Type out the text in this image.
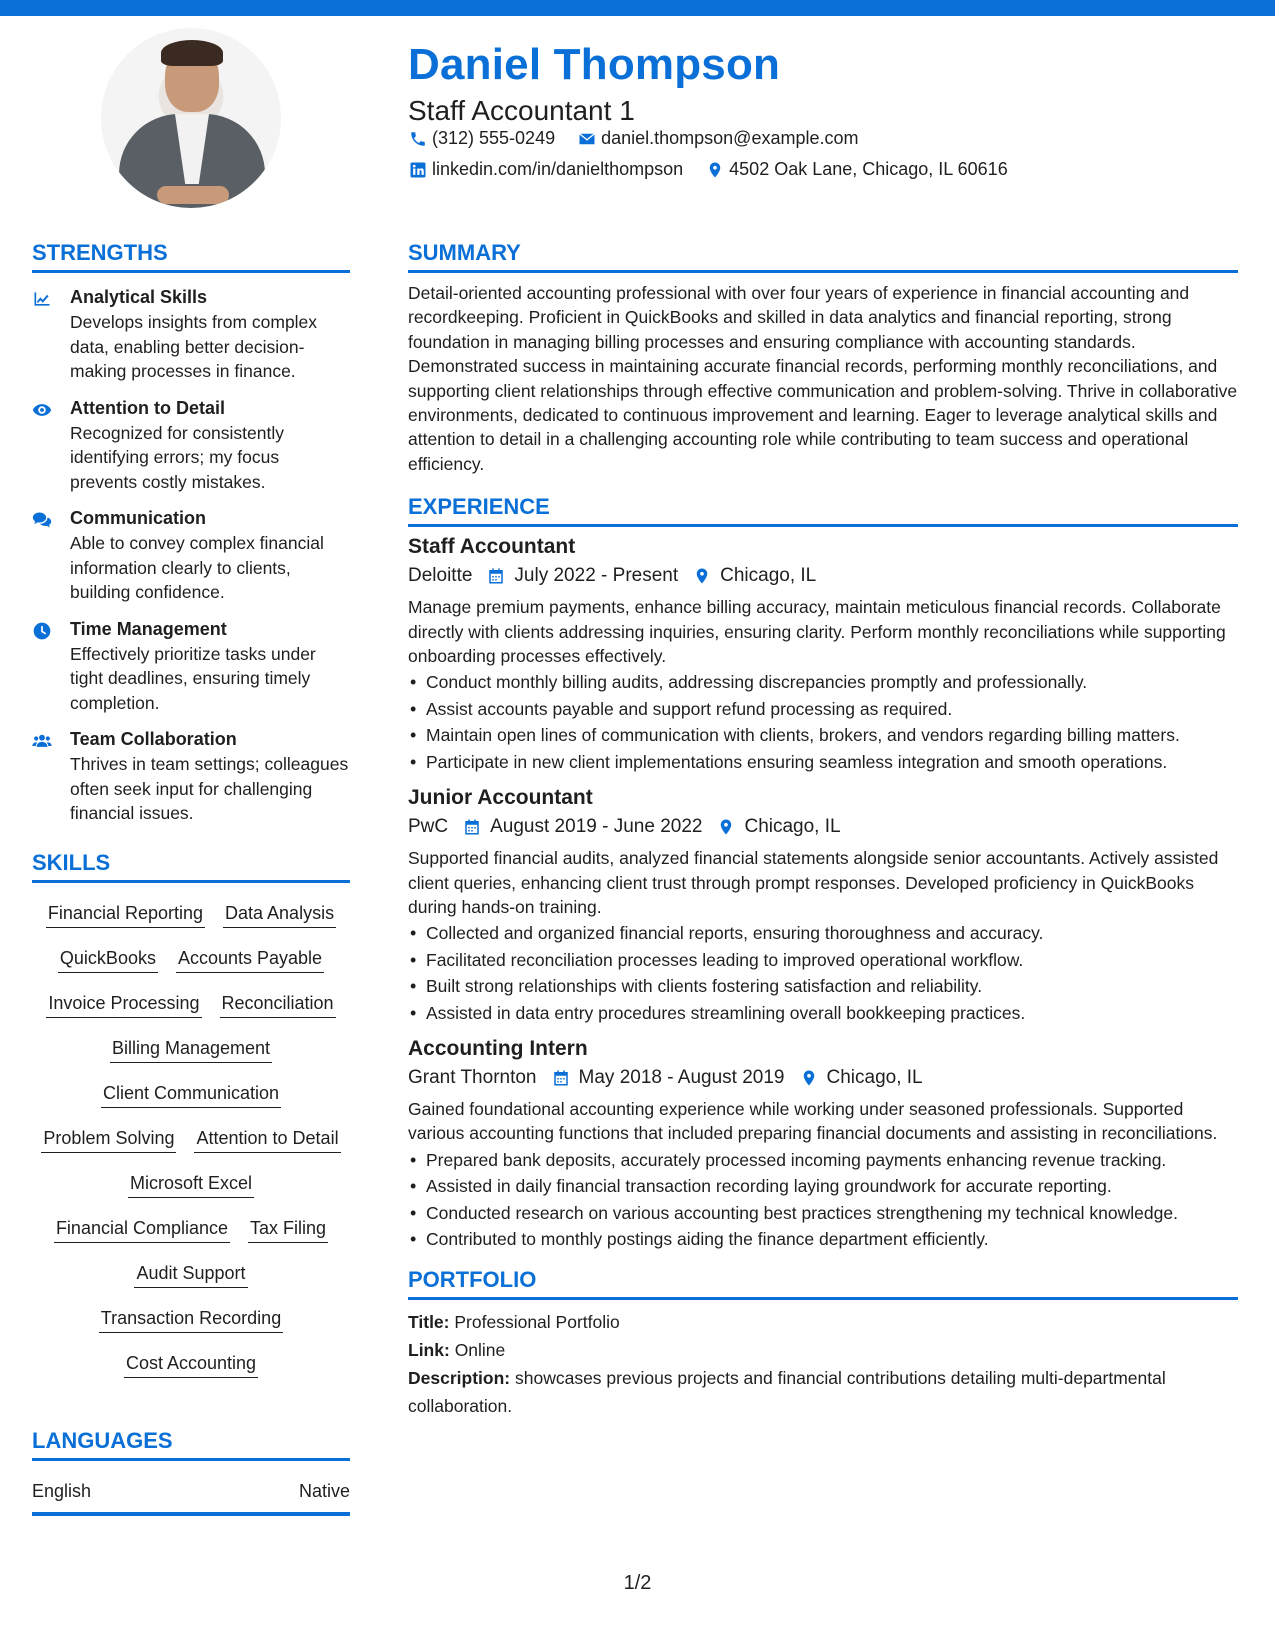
Daniel Thompson
Staff Accountant 1
(312) 555-0249	daniel.thompson@example.com
linkedin.com/in/danielthompson	4502 Oak Lane, Chicago, IL 60616
STRENGTHS
Analytical Skills
Develops insights from complex data, enabling better decision-making processes in finance.
Attention to Detail
Recognized for consistently identifying errors; my focus prevents costly mistakes.
Communication
Able to convey complex financial information clearly to clients, building confidence.
Time Management
Effectively prioritize tasks under tight deadlines, ensuring timely completion.
Team Collaboration
Thrives in team settings; colleagues often seek input for challenging financial issues.
SKILLS
Financial Reporting Data Analysis
QuickBooks Accounts Payable
Invoice Processing Reconciliation
Billing Management
Client Communication
Problem Solving Attention to Detail
Microsoft Excel
Financial Compliance Tax Filing
Audit Support
Transaction Recording
Cost Accounting
LANGUAGES
English	Native
SUMMARY
Detail-oriented accounting professional with over four years of experience in financial accounting and recordkeeping. Proficient in QuickBooks and skilled in data analytics and financial reporting, strong foundation in managing billing processes and ensuring compliance with accounting standards. Demonstrated success in maintaining accurate financial records, performing monthly reconciliations, and supporting client relationships through effective communication and problem-solving. Thrive in collaborative environments, dedicated to continuous improvement and learning. Eager to leverage analytical skills and attention to detail in a challenging accounting role while contributing to team success and operational efficiency.
EXPERIENCE
Staff Accountant
Deloitte July 2022 - Present Chicago, IL
Manage premium payments, enhance billing accuracy, maintain meticulous financial records. Collaborate directly with clients addressing inquiries, ensuring clarity. Perform monthly reconciliations while supporting onboarding processes effectively.
• Conduct monthly billing audits, addressing discrepancies promptly and professionally.
• Assist accounts payable and support refund processing as required.
• Maintain open lines of communication with clients, brokers, and vendors regarding billing matters.
• Participate in new client implementations ensuring seamless integration and smooth operations.
Junior Accountant
PwC August 2019 - June 2022 Chicago, IL
Supported financial audits, analyzed financial statements alongside senior accountants. Actively assisted client queries, enhancing client trust through prompt responses. Developed proficiency in QuickBooks during hands-on training.
• Collected and organized financial reports, ensuring thoroughness and accuracy.
• Facilitated reconciliation processes leading to improved operational workflow.
• Built strong relationships with clients fostering satisfaction and reliability.
• Assisted in data entry procedures streamlining overall bookkeeping practices.
Accounting Intern
Grant Thornton May 2018 - August 2019 Chicago, IL
Gained foundational accounting experience while working under seasoned professionals. Supported various accounting functions that included preparing financial documents and assisting in reconciliations.
• Prepared bank deposits, accurately processed incoming payments enhancing revenue tracking.
• Assisted in daily financial transaction recording laying groundwork for accurate reporting.
• Conducted research on various accounting best practices strengthening my technical knowledge.
• Contributed to monthly postings aiding the finance department efficiently.
PORTFOLIO
Title: Professional Portfolio
Link: Online
Description: showcases previous projects and financial contributions detailing multi-departmental collaboration.
1/2
